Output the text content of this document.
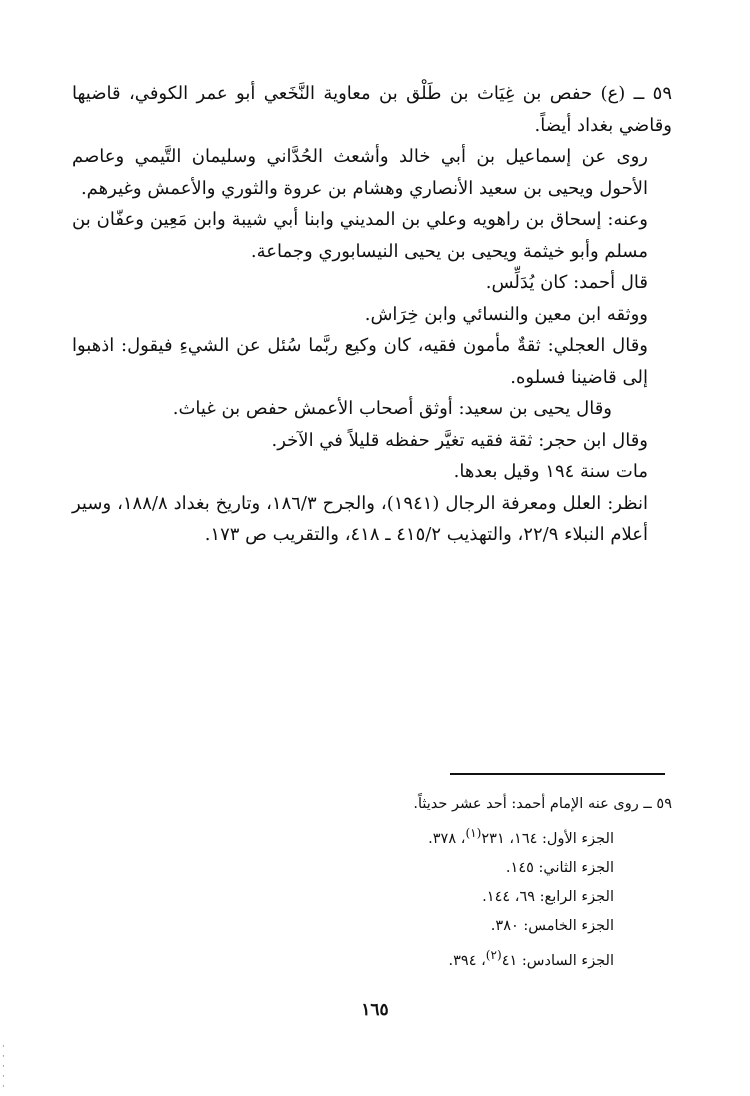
٥٩ ــ (ع) حفص بن غِيَاث بن طَلْق بن معاوية النَّخَعي أبو عمر الكوفي، قاضيها وقاضي بغداد أيضاً.

روى عن إسماعيل بن أبي خالد وأشعث الحُدَّاني وسليمان التَّيمي وعاصم الأحول ويحيى بن سعيد الأنصاري وهشام بن عروة والثوري والأعمش وغيرهم.

وعنه: إسحاق بن راهويه وعلي بن المديني وابنا أبي شيبة وابن مَعِين وعفّان بن مسلم وأبو خيثمة ويحيى بن يحيى النيسابوري وجماعة.

قال أحمد: كان يُدَلِّس.

ووثقه ابن معين والنسائي وابن خِرَاش.

وقال العجلي: ثقةٌ مأمون فقيه، كان وكيع ربَّما سُئل عن الشيءِ فيقول: اذهبوا إلى قاضينا فسلوه.

وقال يحيى بن سعيد: أوثق أصحاب الأعمش حفص بن غياث.

وقال ابن حجر: ثقة فقيه تغيَّر حفظه قليلاً في الآخر.

مات سنة ١٩٤ وقيل بعدها.

انظر: العلل ومعرفة الرجال (١٩٤١)، والجرح ١٨٦/٣، وتاريخ بغداد ١٨٨/٨، وسير أعلام النبلاء ٢٢/٩، والتهذيب ٤١٥/٢ ـ ٤١٨، والتقريب ص ١٧٣.

٥٩ ــ روى عنه الإمام أحمد: أحد عشر حديثاً.

الجزء الأول: ١٦٤، ٢٣١$^{(١)}$، ٣٧٨.

الجزء الثاني: ١٤٥.

الجزء الرابع: ٦٩، ١٤٤.

الجزء الخامس: ٣٨٠.

الجزء السادس: ٤١$^{(٢)}$، ٣٩٤.

١٦٥
·
·
·
·
·
